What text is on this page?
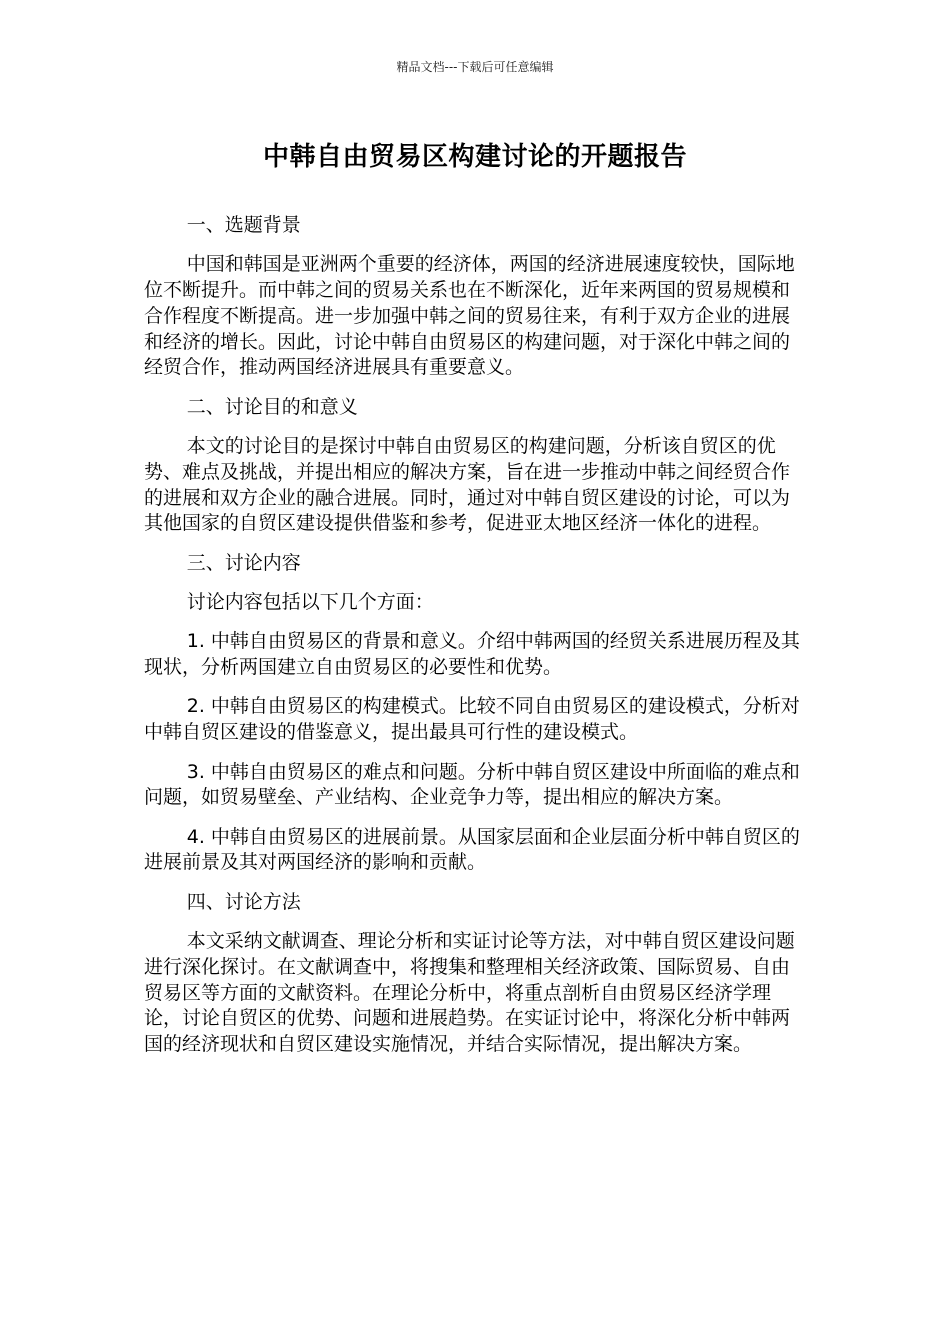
精品文档---下载后可任意编辑
中韩自由贸易区构建讨论的开题报告

一、选题背景

中国和韩国是亚洲两个重要的经济体，两国的经济进展速度较快，国际地位不断提升。而中韩之间的贸易关系也在不断深化，近年来两国的贸易规模和合作程度不断提高。进一步加强中韩之间的贸易往来，有利于双方企业的进展和经济的增长。因此，讨论中韩自由贸易区的构建问题，对于深化中韩之间的经贸合作，推动两国经济进展具有重要意义。

二、讨论目的和意义

本文的讨论目的是探讨中韩自由贸易区的构建问题，分析该自贸区的优势、难点及挑战，并提出相应的解决方案，旨在进一步推动中韩之间经贸合作的进展和双方企业的融合进展。同时，通过对中韩自贸区建设的讨论，可以为其他国家的自贸区建设提供借鉴和参考，促进亚太地区经济一体化的进程。

三、讨论内容

讨论内容包括以下几个方面：

1. 中韩自由贸易区的背景和意义。介绍中韩两国的经贸关系进展历程及其现状，分析两国建立自由贸易区的必要性和优势。

2. 中韩自由贸易区的构建模式。比较不同自由贸易区的建设模式，分析对中韩自贸区建设的借鉴意义，提出最具可行性的建设模式。

3. 中韩自由贸易区的难点和问题。分析中韩自贸区建设中所面临的难点和问题，如贸易壁垒、产业结构、企业竞争力等，提出相应的解决方案。

4. 中韩自由贸易区的进展前景。从国家层面和企业层面分析中韩自贸区的进展前景及其对两国经济的影响和贡献。

四、讨论方法

本文采纳文献调查、理论分析和实证讨论等方法，对中韩自贸区建设问题进行深化探讨。在文献调查中，将搜集和整理相关经济政策、国际贸易、自由贸易区等方面的文献资料。在理论分析中，将重点剖析自由贸易区经济学理论，讨论自贸区的优势、问题和进展趋势。在实证讨论中，将深化分析中韩两国的经济现状和自贸区建设实施情况，并结合实际情况，提出解决方案。
